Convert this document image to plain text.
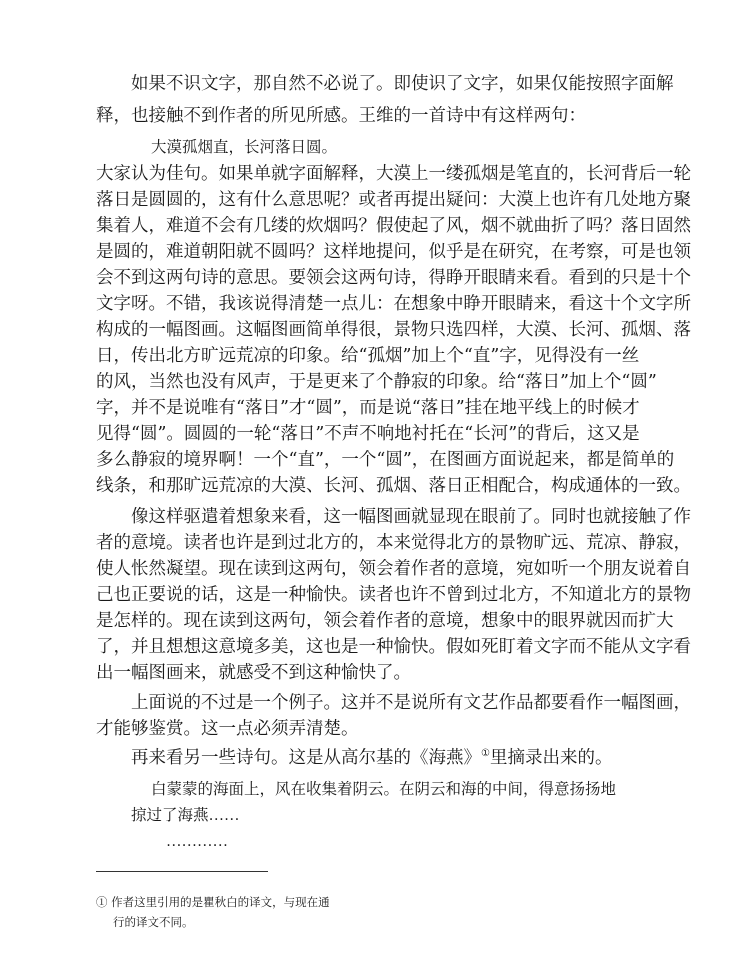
如果不识文字，那自然不必说了。即使识了文字，如果仅能按照字面解
释，也接触不到作者的所见所感。王维的一首诗中有这样两句：
大漠孤烟直，长河落日圆。
大家认为佳句。如果单就字面解释，大漠上一缕孤烟是笔直的，长河背后一轮
落日是圆圆的，这有什么意思呢？或者再提出疑问：大漠上也许有几处地方聚
集着人，难道不会有几缕的炊烟吗？假使起了风，烟不就曲折了吗？落日固然
是圆的，难道朝阳就不圆吗？这样地提问，似乎是在研究，在考察，可是也领
会不到这两句诗的意思。要领会这两句诗，得睁开眼睛来看。看到的只是十个
文字呀。不错，我该说得清楚一点儿：在想象中睁开眼睛来，看这十个文字所
构成的一幅图画。这幅图画简单得很，景物只选四样，大漠、长河、孤烟、落
日，传出北方旷远荒凉的印象。给“孤烟”加上个“直”字，见得没有一丝
的风，当然也没有风声，于是更来了个静寂的印象。给“落日”加上个“圆”
字，并不是说唯有“落日”才“圆”，而是说“落日”挂在地平线上的时候才
见得“圆”。圆圆的一轮“落日”不声不响地衬托在“长河”的背后，这又是
多么静寂的境界啊！一个“直”，一个“圆”，在图画方面说起来，都是简单的
线条，和那旷远荒凉的大漠、长河、孤烟、落日正相配合，构成通体的一致。
像这样驱遣着想象来看，这一幅图画就显现在眼前了。同时也就接触了作
者的意境。读者也许是到过北方的，本来觉得北方的景物旷远、荒凉、静寂，
使人怅然凝望。现在读到这两句，领会着作者的意境，宛如听一个朋友说着自
己也正要说的话，这是一种愉快。读者也许不曾到过北方，不知道北方的景物
是怎样的。现在读到这两句，领会着作者的意境，想象中的眼界就因而扩大
了，并且想想这意境多美，这也是一种愉快。假如死盯着文字而不能从文字看
出一幅图画来，就感受不到这种愉快了。
上面说的不过是一个例子。这并不是说所有文艺作品都要看作一幅图画，
才能够鉴赏。这一点必须弄清楚。
再来看另一些诗句。这是从高尔基的《海燕》①里摘录出来的。
白蒙蒙的海面上，风在收集着阴云。在阴云和海的中间，得意扬扬地
掠过了海燕……
…………
① 作者这里引用的是瞿秋白的译文，与现在通
行的译文不同。
